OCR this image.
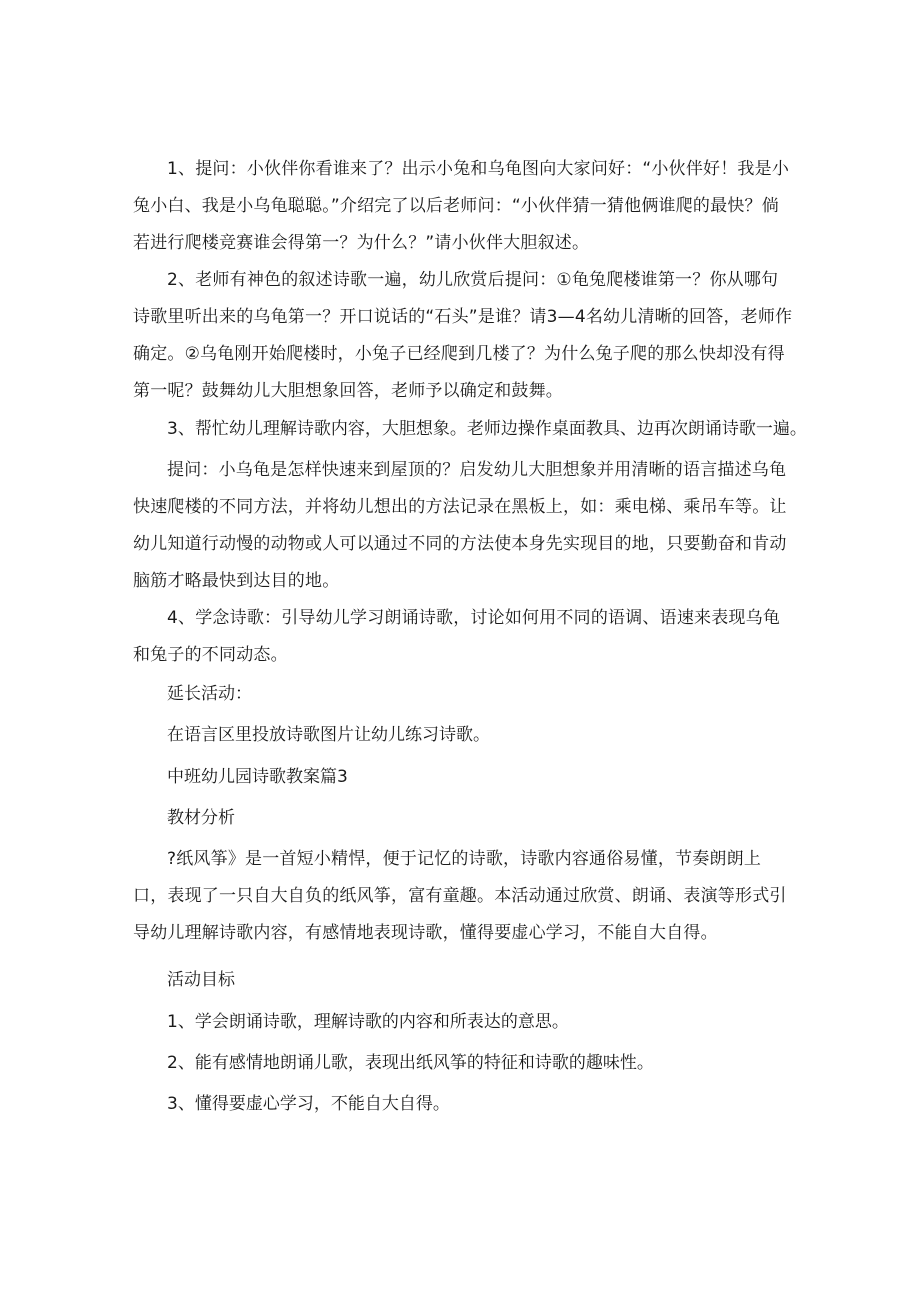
1、提问：小伙伴你看谁来了？出示小兔和乌龟图向大家问好：“小伙伴好！我是小兔小白、我是小乌龟聪聪。”介绍完了以后老师问：“小伙伴猜一猜他俩谁爬的最快？倘若进行爬楼竞赛谁会得第一？为什么？”请小伙伴大胆叙述。

2、老师有神色的叙述诗歌一遍，幼儿欣赏后提问：①龟兔爬楼谁第一？你从哪句诗歌里听出来的乌龟第一？开口说话的“石头”是谁？请3—4名幼儿清晰的回答，老师作确定。②乌龟刚开始爬楼时，小兔子已经爬到几楼了？为什么兔子爬的那么快却没有得第一呢？鼓舞幼儿大胆想象回答，老师予以确定和鼓舞。

3、帮忙幼儿理解诗歌内容，大胆想象。老师边操作桌面教具、边再次朗诵诗歌一遍。

提问：小乌龟是怎样快速来到屋顶的？启发幼儿大胆想象并用清晰的语言描述乌龟快速爬楼的不同方法，并将幼儿想出的方法记录在黑板上，如：乘电梯、乘吊车等。让幼儿知道行动慢的动物或人可以通过不同的方法使本身先实现目的地，只要勤奋和肯动脑筋才略最快到达目的地。

4、学念诗歌：引导幼儿学习朗诵诗歌，讨论如何用不同的语调、语速来表现乌龟和兔子的不同动态。

延长活动：

在语言区里投放诗歌图片让幼儿练习诗歌。

中班幼儿园诗歌教案篇3

教材分析

?纸风筝》是一首短小精悍，便于记忆的诗歌，诗歌内容通俗易懂，节奏朗朗上口，表现了一只自大自负的纸风筝，富有童趣。本活动通过欣赏、朗诵、表演等形式引导幼儿理解诗歌内容，有感情地表现诗歌，懂得要虚心学习，不能自大自得。

活动目标

1、学会朗诵诗歌，理解诗歌的内容和所表达的意思。

2、能有感情地朗诵儿歌，表现出纸风筝的特征和诗歌的趣味性。

3、懂得要虚心学习，不能自大自得。
